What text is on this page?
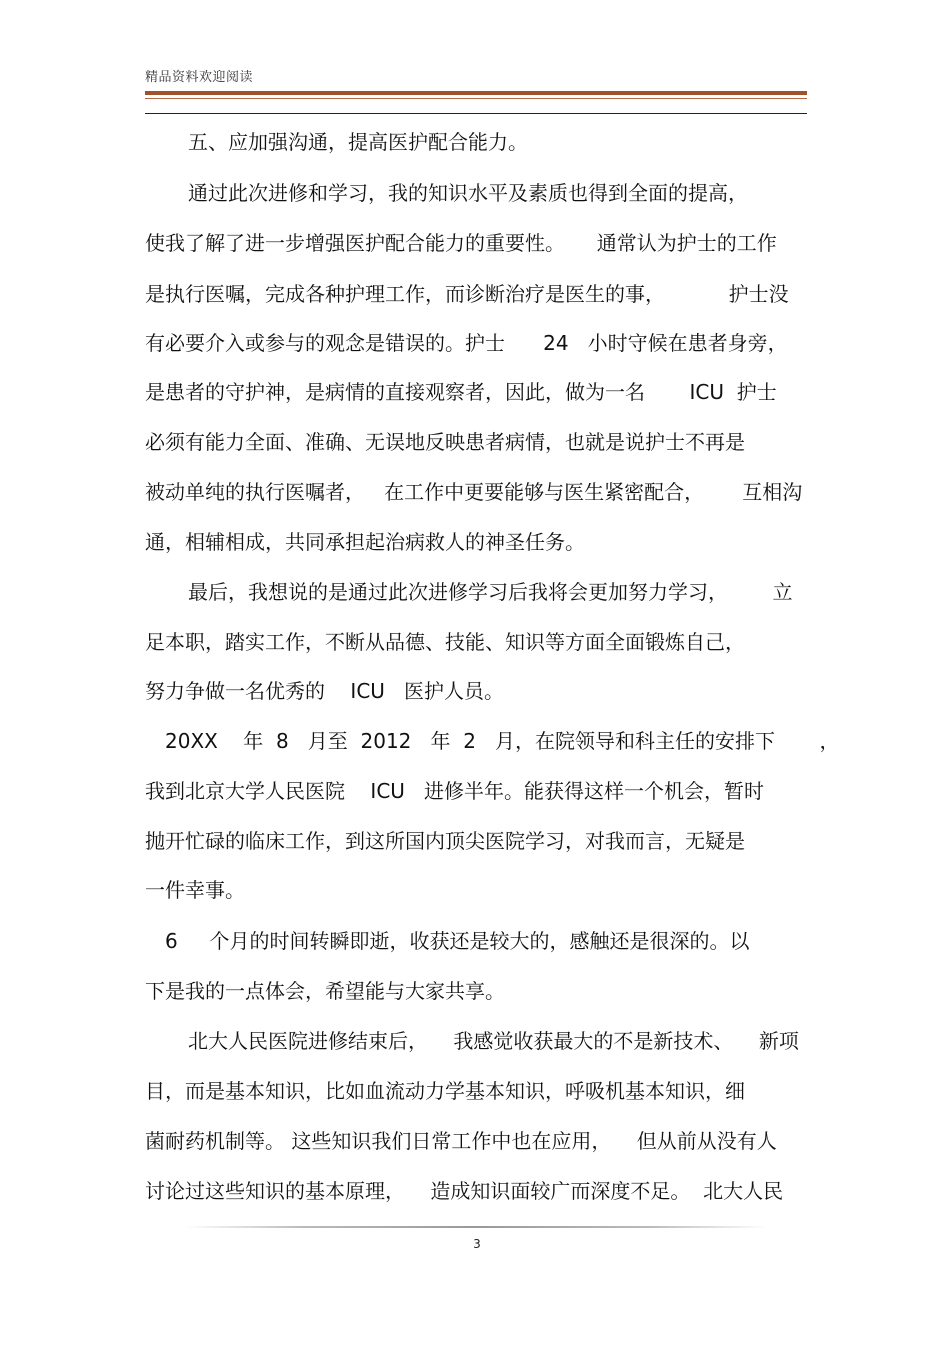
精品资料欢迎阅读
五、应加强沟通，提高医护配合能力。
通过此次进修和学习，我的知识水平及素质也得到全面的提高，
使我了解了进一步增强医护配合能力的重要性。     通常认为护士的工作
是执行医嘱，完成各种护理工作，而诊断治疗是医生的事，          护士没
有必要介入或参与的观念是错误的。护士      24   小时守候在患者身旁，
是患者的守护神，是病情的直接观察者，因此，做为一名       ICU  护士
必须有能力全面、准确、无误地反映患者病情，也就是说护士不再是
被动单纯的执行医嘱者，   在工作中更要能够与医生紧密配合，      互相沟
通，相辅相成，共同承担起治病救人的神圣任务。
最后，我想说的是通过此次进修学习后我将会更加努力学习，       立
足本职，踏实工作，不断从品德、技能、知识等方面全面锻炼自己，
努力争做一名优秀的    ICU   医护人员。
20XX    年  8   月至  2012   年  2   月，在院领导和科主任的安排下       ，
我到北京大学人民医院    ICU   进修半年。能获得这样一个机会，暂时
抛开忙碌的临床工作，到这所国内顶尖医院学习，对我而言，无疑是
一件幸事。
6     个月的时间转瞬即逝，收获还是较大的，感触还是很深的。以
下是我的一点体会，希望能与大家共享。
北大人民医院进修结束后，    我感觉收获最大的不是新技术、    新项
目，而是基本知识，比如血流动力学基本知识，呼吸机基本知识，细
菌耐药机制等。 这些知识我们日常工作中也在应用，    但从前从没有人
讨论过这些知识的基本原理，    造成知识面较广而深度不足。  北大人民
3
